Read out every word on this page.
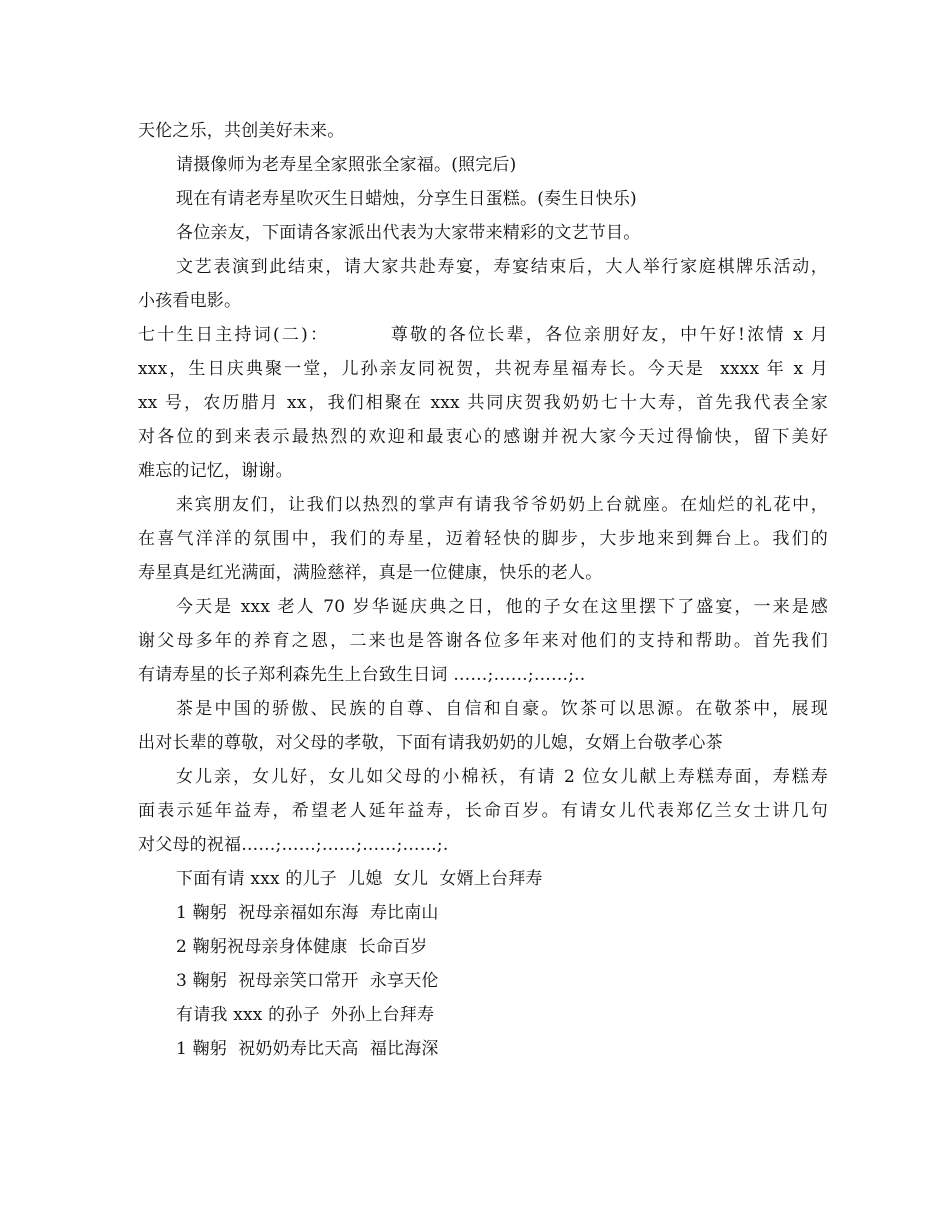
天伦之乐，共创美好未来。
请摄像师为老寿星全家照张全家福。(照完后)
现在有请老寿星吹灭生日蜡烛，分享生日蛋糕。(奏生日快乐)
各位亲友，下面请各家派出代表为大家带来精彩的文艺节目。
文艺表演到此结束，请大家共赴寿宴，寿宴结束后，大人举行家庭棋牌乐活动，
小孩看电影。
七十生日主持词(二)：        尊敬的各位长辈，各位亲朋好友，中午好!浓情 x 月
xxx，生日庆典聚一堂，儿孙亲友同祝贺，共祝寿星福寿长。今天是  xxxx 年 x 月
xx 号，农历腊月 xx，我们相聚在 xxx 共同庆贺我奶奶七十大寿，首先我代表全家
对各位的到来表示最热烈的欢迎和最衷心的感谢并祝大家今天过得愉快，留下美好
难忘的记忆，谢谢。
来宾朋友们，让我们以热烈的掌声有请我爷爷奶奶上台就座。在灿烂的礼花中，
在喜气洋洋的氛围中，我们的寿星，迈着轻快的脚步，大步地来到舞台上。我们的
寿星真是红光满面，满脸慈祥，真是一位健康，快乐的老人。
今天是 xxx 老人 70 岁华诞庆典之日，他的子女在这里摆下了盛宴，一来是感
谢父母多年的养育之恩，二来也是答谢各位多年来对他们的支持和帮助。首先我们
有请寿星的长子郑利森先生上台致生日词 ……;……;……;..
茶是中国的骄傲、民族的自尊、自信和自豪。饮茶可以思源。在敬茶中，展现
出对长辈的尊敬，对父母的孝敬，下面有请我奶奶的儿媳，女婿上台敬孝心茶
女儿亲，女儿好，女儿如父母的小棉袄，有请 2 位女儿献上寿糕寿面，寿糕寿
面表示延年益寿，希望老人延年益寿，长命百岁。有请女儿代表郑亿兰女士讲几句
对父母的祝福……;……;……;……;……;.
下面有请 xxx 的儿子  儿媳  女儿  女婿上台拜寿
1 鞠躬  祝母亲福如东海  寿比南山
2 鞠躬祝母亲身体健康  长命百岁
3 鞠躬  祝母亲笑口常开  永享天伦
有请我 xxx 的孙子  外孙上台拜寿
1 鞠躬  祝奶奶寿比天高  福比海深
